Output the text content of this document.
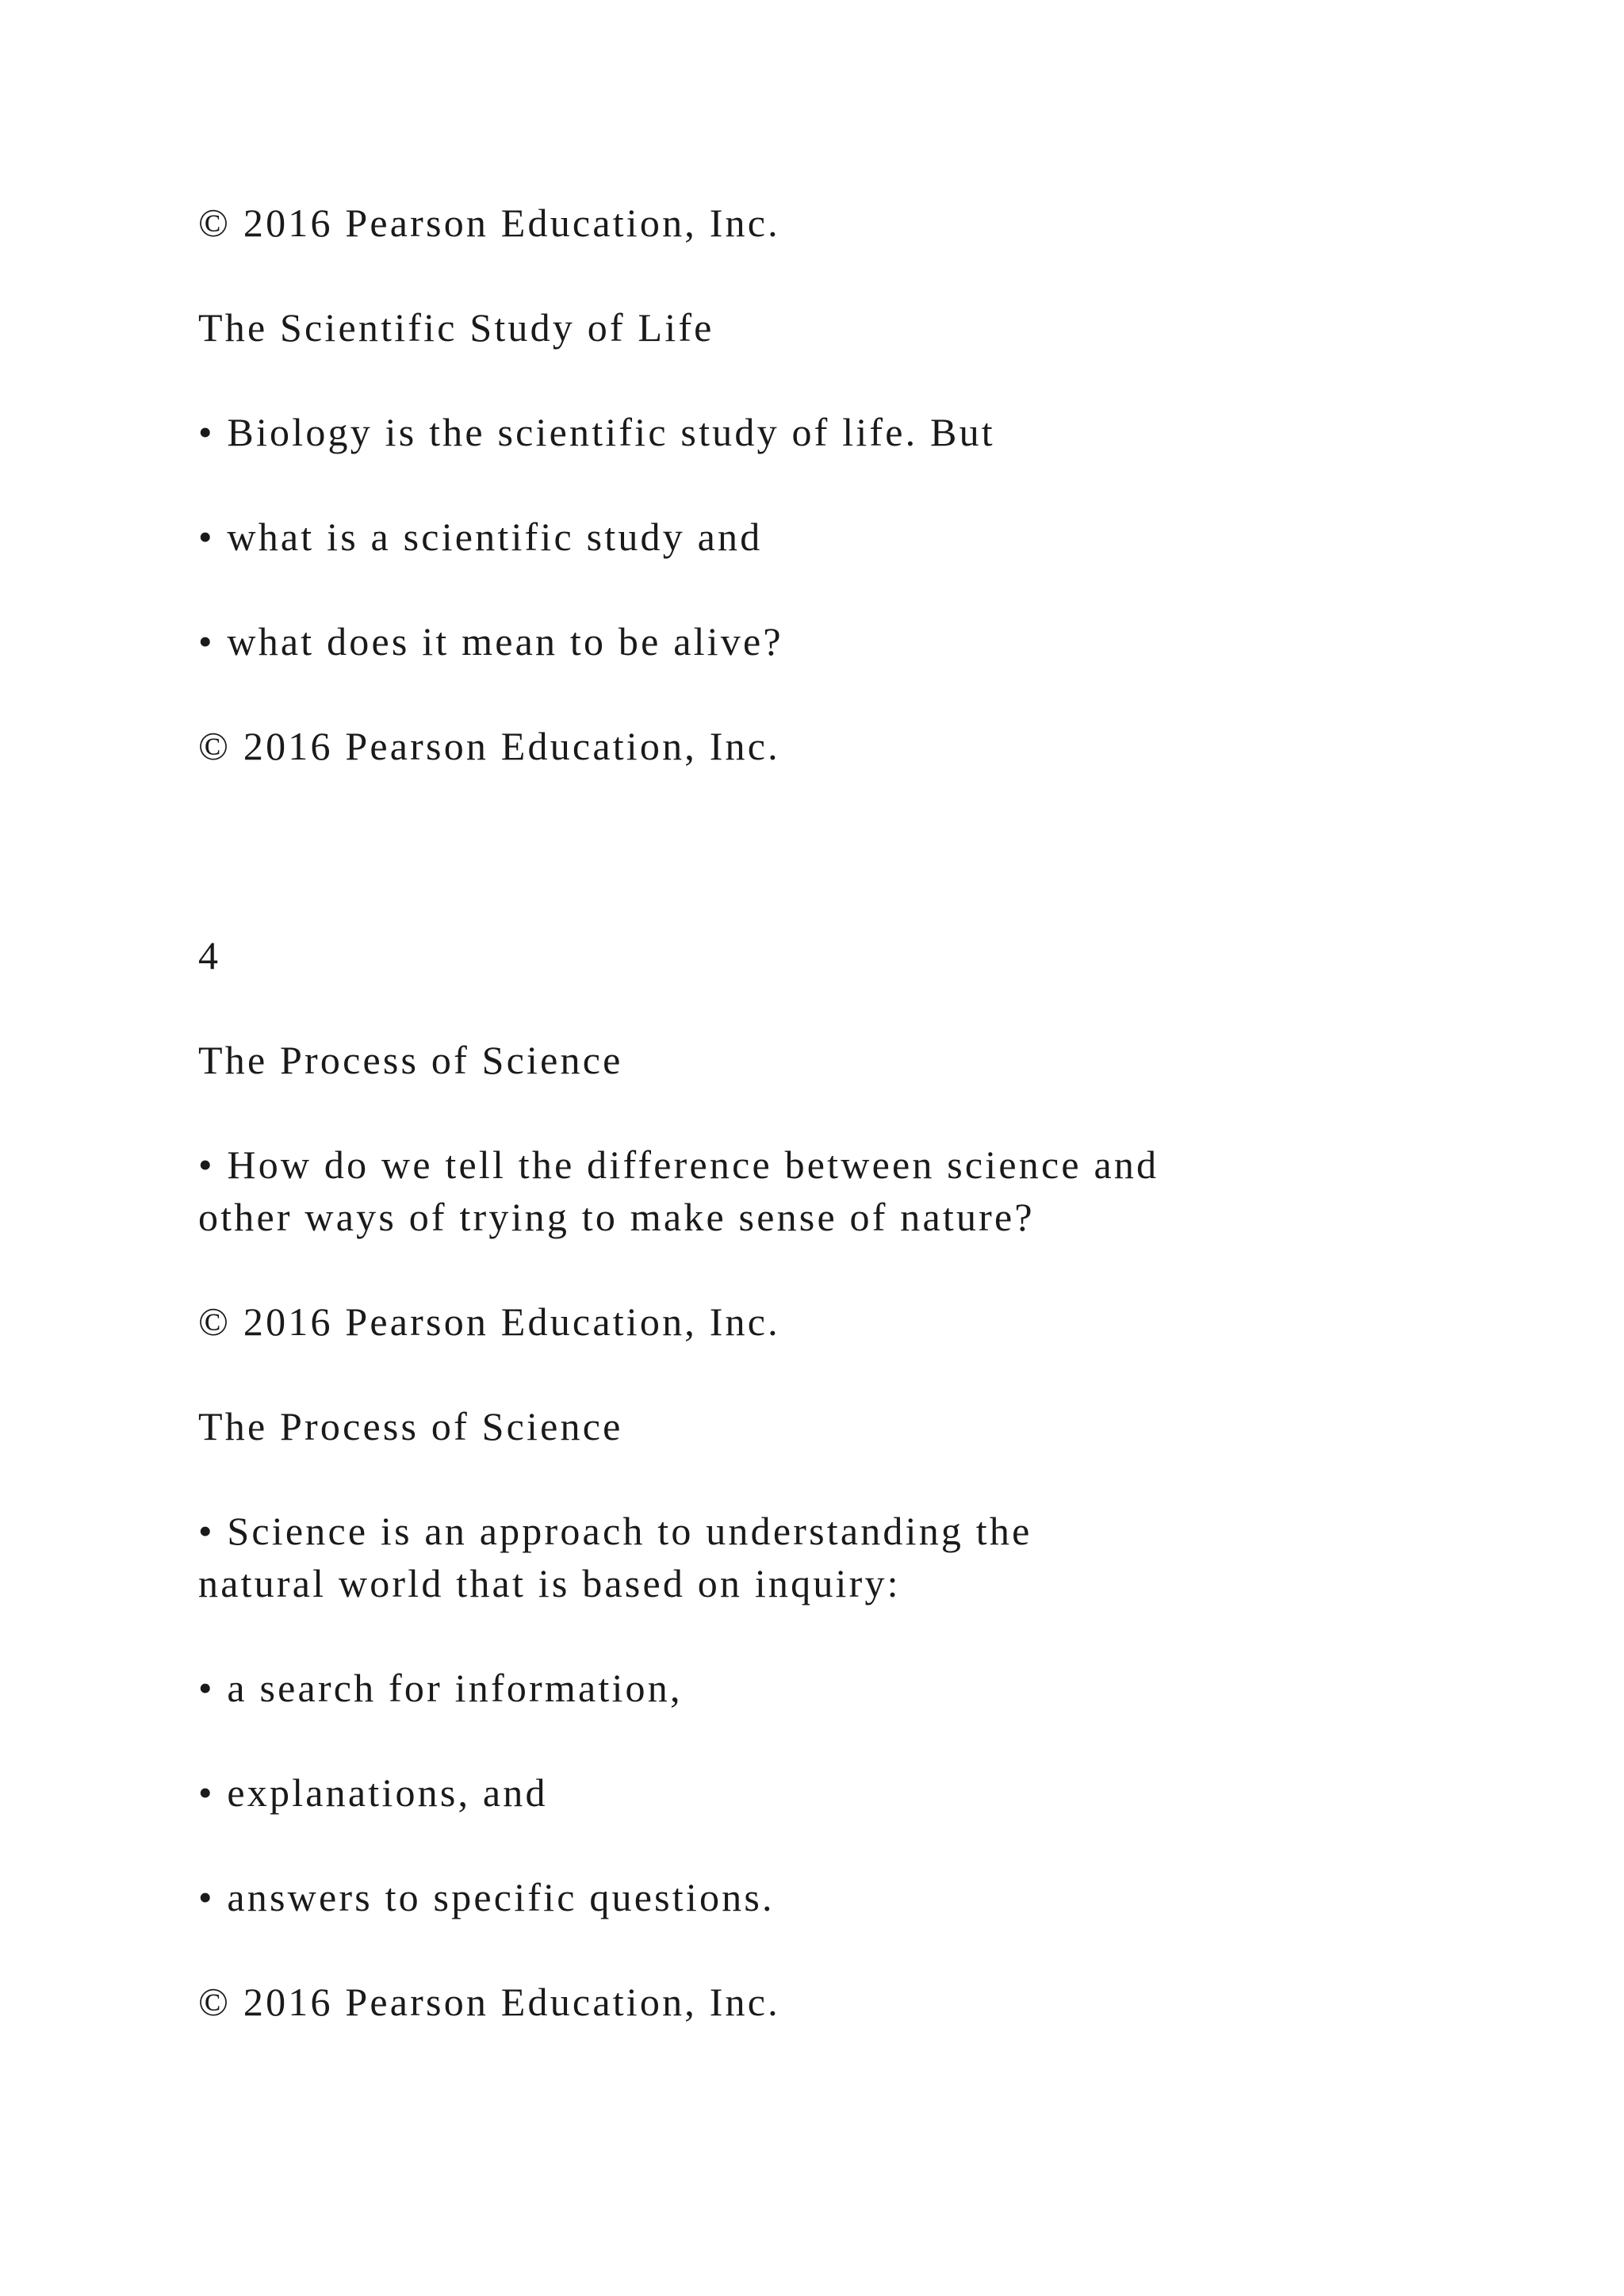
© 2016 Pearson Education, Inc.

The Scientific Study of Life

• Biology is the scientific study of life. But

• what is a scientific study and

• what does it mean to be alive?

© 2016 Pearson Education, Inc.

4

The Process of Science

• How do we tell the difference between science and
other ways of trying to make sense of nature?

© 2016 Pearson Education, Inc.

The Process of Science

• Science is an approach to understanding the
natural world that is based on inquiry:

• a search for information,

• explanations, and

• answers to specific questions.

© 2016 Pearson Education, Inc.
